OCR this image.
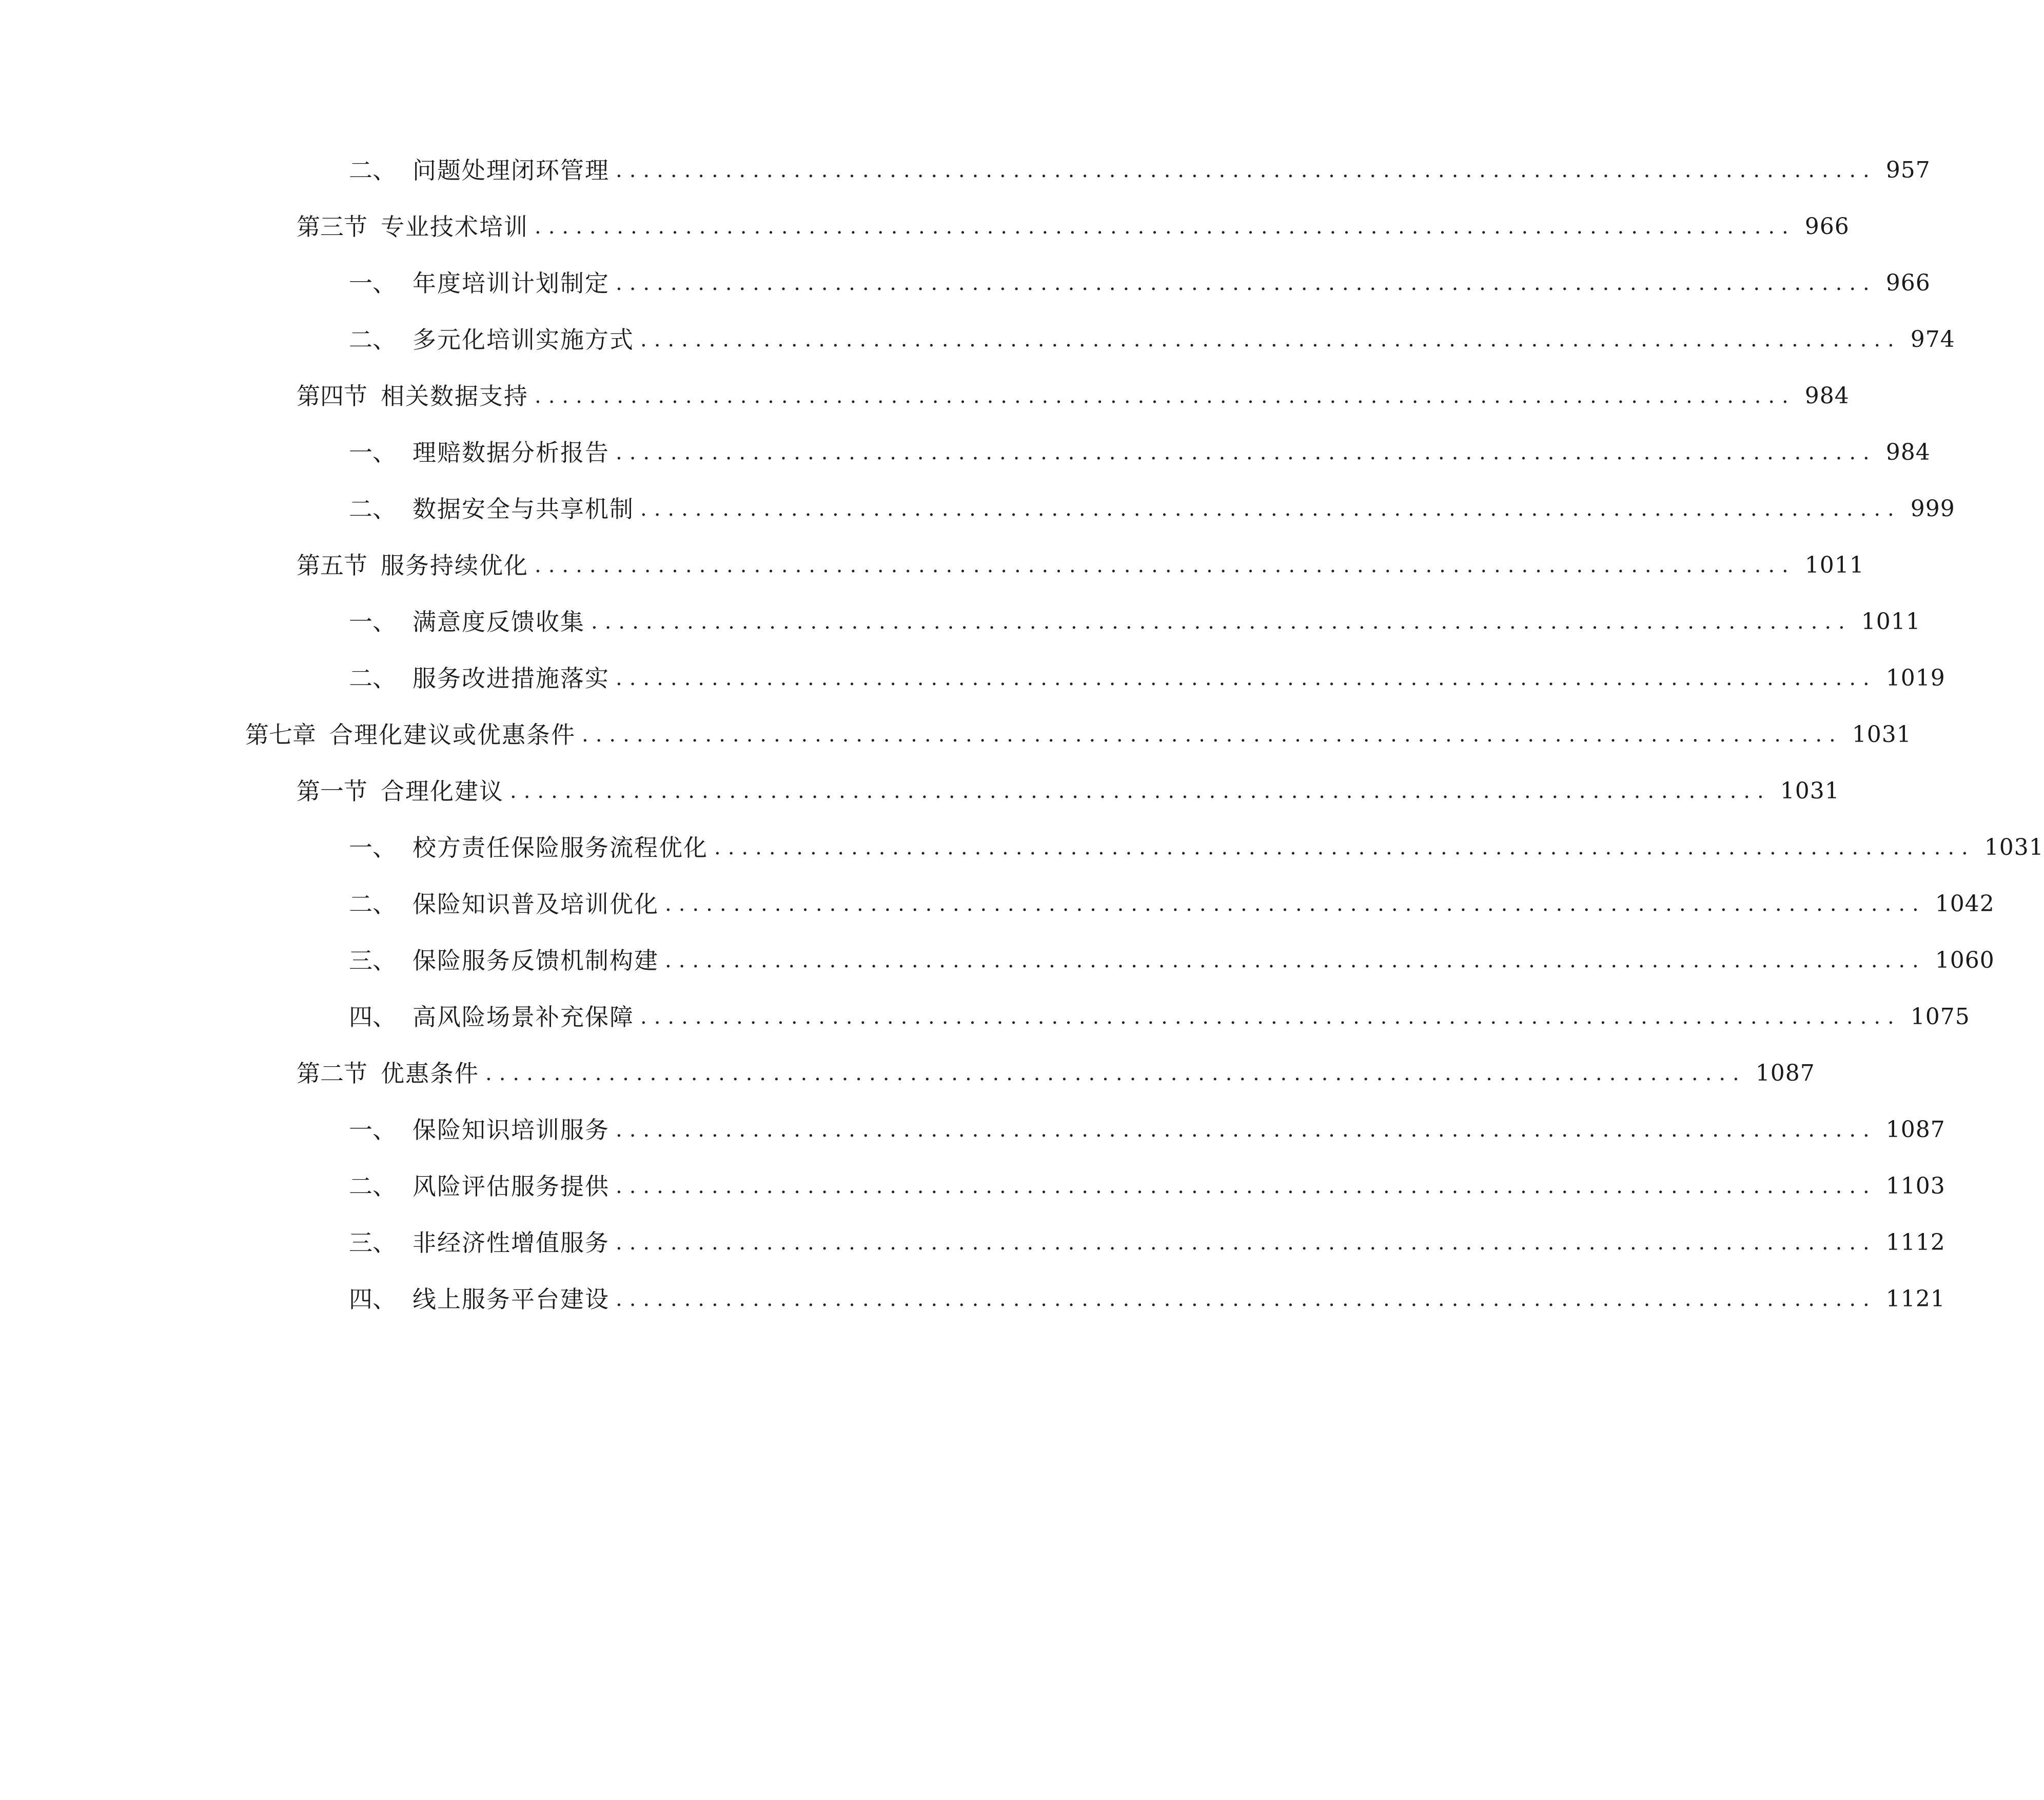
二、 问题处理闭环管理 ............................................................................................ 957
第三节 专业技术培训 ............................................................................................ 966
一、 年度培训计划制定 ............................................................................................ 966
二、 多元化培训实施方式 ............................................................................................ 974
第四节 相关数据支持 ............................................................................................ 984
一、 理赔数据分析报告 ............................................................................................ 984
二、 数据安全与共享机制 ............................................................................................ 999
第五节 服务持续优化 ............................................................................................ 1011
一、 满意度反馈收集 ............................................................................................ 1011
二、 服务改进措施落实 ............................................................................................ 1019
第七章 合理化建议或优惠条件 ............................................................................................ 1031
第一节 合理化建议 ............................................................................................ 1031
一、 校方责任保险服务流程优化 ............................................................................................ 1031
二、 保险知识普及培训优化 ............................................................................................ 1042
三、 保险服务反馈机制构建 ............................................................................................ 1060
四、 高风险场景补充保障 ............................................................................................ 1075
第二节 优惠条件 ............................................................................................ 1087
一、 保险知识培训服务 ............................................................................................ 1087
二、 风险评估服务提供 ............................................................................................ 1103
三、 非经济性增值服务 ............................................................................................ 1112
四、 线上服务平台建设 ............................................................................................ 1121
